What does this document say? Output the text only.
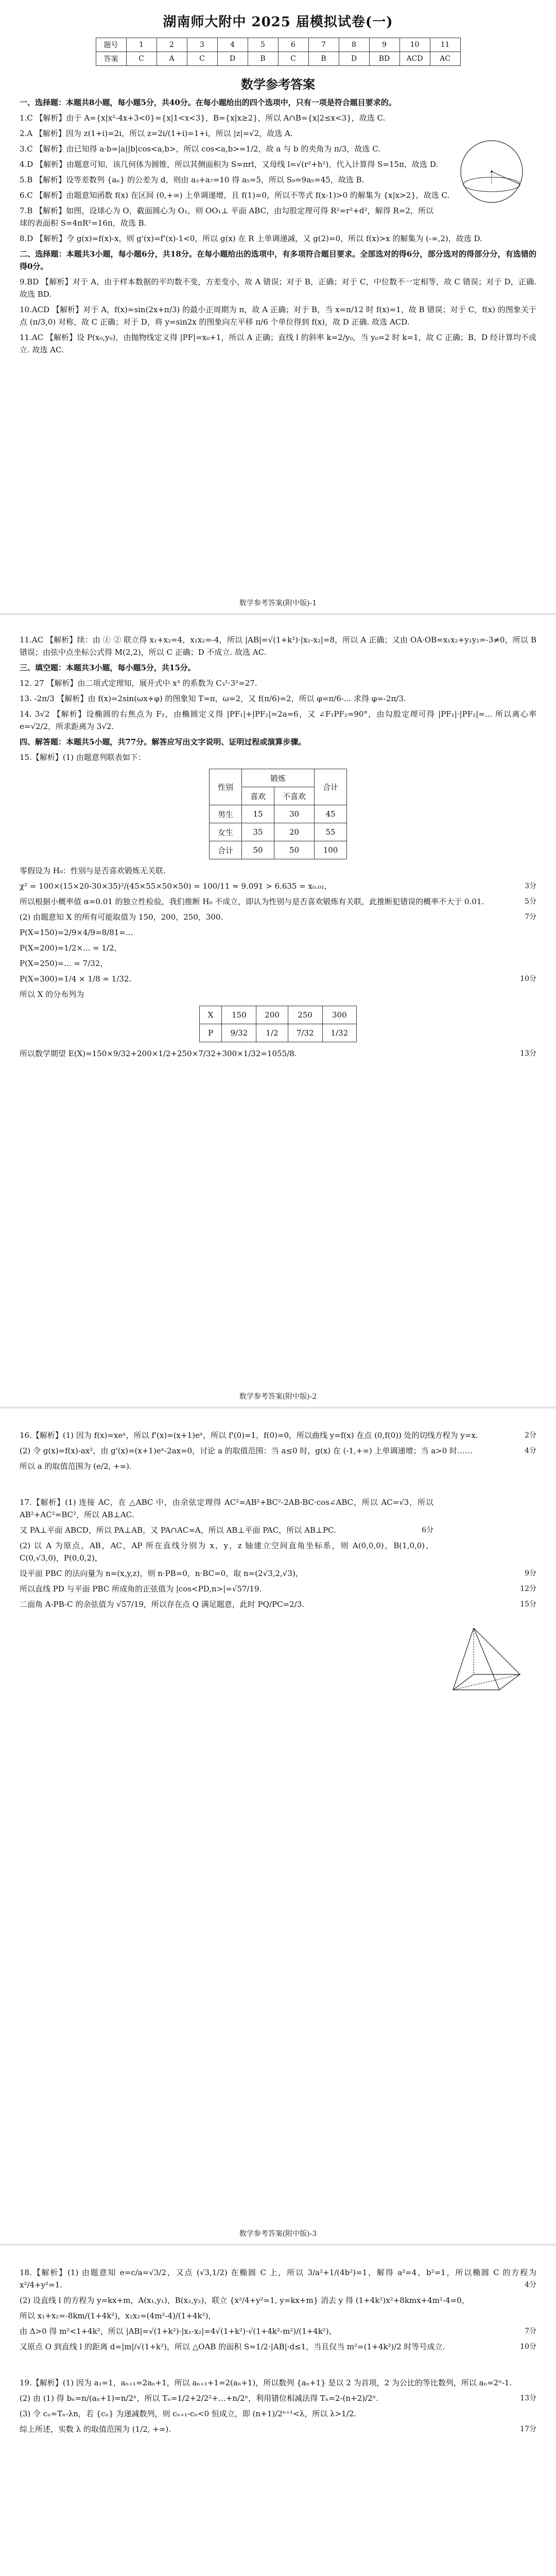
湖南师大附中 2025 届模拟试卷(一)
题号	1	2	3	4	5	6	7	8	9	10	11
答案	C	A	C	D	B	C	B	D	BD	ACD	AC
数学参考答案

一、选择题：本题共8小题，每小题5分，共40分。在每小题给出的四个选项中，只有一项是符合题目要求的。

1.C 【解析】由于 A={x|x²-4x+3<0}={x|1<x<3}，B={x|x≥2}，所以 A∩B={x|2≤x<3}，故选 C.

2.A 【解析】因为 z(1+i)=2i，所以 z=2i/(1+i)=1+i，所以 |z|=√2，故选 A.

3.C 【解析】由已知得 a·b=|a||b|cos<a,b>，所以 cos<a,b>=1/2，故 a 与 b 的夹角为 π/3，故选 C.

4.D 【解析】由题意可知，该几何体为圆锥，所以其侧面积为 S=πrl，又母线 l=√(r²+h²)，代入计算得 S=15π，故选 D.

5.B 【解析】设等差数列 {aₙ} 的公差为 d，则由 a₃+a₇=10 得 a₅=5，所以 S₉=9a₅=45，故选 B.

6.C 【解析】由题意知函数 f(x) 在区间 (0,+∞) 上单调递增，且 f(1)=0，所以不等式 f(x-1)>0 的解集为 {x|x>2}，故选 C.

7.B 【解析】如图，设球心为 O，截面圆心为 O₁，则 OO₁⊥ 平面 ABC，由勾股定理可得 R²=r²+d²，解得 R=2，所以球的表面积 S=4πR²=16π，故选 B.

8.D 【解析】令 g(x)=f(x)-x，则 g'(x)=f'(x)-1<0，所以 g(x) 在 R 上单调递减，又 g(2)=0，所以 f(x)>x 的解集为 (-∞,2)，故选 D.

二、选择题：本题共3小题，每小题6分，共18分。在每小题给出的选项中，有多项符合题目要求。全部选对的得6分，部分选对的得部分分，有选错的得0分。

9.BD 【解析】对于 A，由于样本数据的平均数不变，方差变小，故 A 错误；对于 B，正确；对于 C，中位数不一定相等，故 C 错误；对于 D，正确. 故选 BD.

10.ACD 【解析】对于 A，f(x)=sin(2x+π/3) 的最小正周期为 π，故 A 正确；对于 B，当 x=π/12 时 f(x)=1，故 B 错误；对于 C，f(x) 的图象关于点 (π/3,0) 对称，故 C 正确；对于 D，将 y=sin2x 的图象向左平移 π/6 个单位得到 f(x)，故 D 正确. 故选 ACD.

11.AC 【解析】设 P(x₀,y₀)，由抛物线定义得 |PF|=x₀+1，所以 A 正确；直线 l 的斜率 k=2/y₀，当 y₀=2 时 k=1，故 C 正确；B、D 经计算均不成立. 故选 AC.

数学参考答案(附中版)-1

11.AC 【解析】续：由 ① ② 联立得 x₁+x₂=4，x₁x₂=-4，所以 |AB|=√(1+k²)·|x₁-x₂|=8，所以 A 正确；又由 OA·OB=x₁x₂+y₁y₂=-3≠0，所以 B 错误；由弦中点坐标公式得 M(2,2)，所以 C 正确；D 不成立. 故选 AC.

三、填空题：本题共3小题，每小题5分，共15分。

12. 27 【解析】由二项式定理知，展开式中 x³ 的系数为 C₃¹·3²=27.

13. -2π/3 【解析】由 f(x)=2sin(ωx+φ) 的图象知 T=π，ω=2，又 f(π/6)=2，所以 φ=π/6-... 求得 φ=-2π/3.

14. 3√2 【解析】设椭圆的右焦点为 F₂，由椭圆定义得 |PF₁|+|PF₂|=2a=6，又 ∠F₁PF₂=90°，由勾股定理可得 |PF₁|·|PF₂|=... 所以离心率 e=√2/2，所求距离为 3√2.

四、解答题：本题共5小题，共77分。解答应写出文字说明、证明过程或演算步骤。

15.【解析】(1) 由题意列联表如下：

性别	锻炼		合计
	喜欢	不喜欢	
男生	15	30	45
女生	35	20	55
合计	50	50	100

零假设为 H₀：性别与是否喜欢锻炼无关联.

χ² = 100×(15×20-30×35)²/(45×55×50×50) = 100/11 ≈ 9.091 > 6.635 = x₀.₀₁，	3分

所以根据小概率值 α=0.01 的独立性检验，我们推断 H₀ 不成立，即认为性别与是否喜欢锻炼有关联，此推断犯错误的概率不大于 0.01.	5分

(2) 由题意知 X 的所有可能取值为 150，200，250，300.	7分

P(X=150)=2/9×4/9=8/81=...

P(X=200)=1/2×... = 1/2，

P(X=250)=... = 7/32，

P(X=300)=1/4 × 1/8 = 1/32.	10分

所以 X 的分布列为

X	150	200	250	300
P	9/32	1/2	7/32	1/32

所以数学期望 E(X)=150×9/32+200×1/2+250×7/32+300×1/32=1055/8.	13分

数学参考答案(附中版)-2

16.【解析】(1) 因为 f(x)=xeˣ，所以 f'(x)=(x+1)eˣ，所以 f'(0)=1，f(0)=0，所以曲线 y=f(x) 在点 (0,f(0)) 处的切线方程为 y=x.	2分

(2) 令 g(x)=f(x)-ax²，由 g'(x)=(x+1)eˣ-2ax=0，讨论 a 的取值范围：当 a≤0 时，g(x) 在 (-1,+∞) 上单调递增；当 a>0 时……	4分

所以 a 的取值范围为 (e/2, +∞).

17.【解析】(1) 连接 AC，在 △ABC 中，由余弦定理得 AC²=AB²+BC²-2AB·BC·cos∠ABC，所以 AC=√3，所以 AB²+AC²=BC²，所以 AB⊥AC.

又 PA⊥平面 ABCD，所以 PA⊥AB，又 PA∩AC=A，所以 AB⊥平面 PAC，所以 AB⊥PC.	6分

(2) 以 A 为原点，AB，AC，AP 所在直线分别为 x，y，z 轴建立空间直角坐标系，则 A(0,0,0)，B(1,0,0)，C(0,√3,0)，P(0,0,2)，

设平面 PBC 的法向量为 n=(x,y,z)，则 n·PB=0，n·BC=0，取 n=(2√3,2,√3)，	9分

所以直线 PD 与平面 PBC 所成角的正弦值为 |cos<PD,n>|=√57/19.	12分

二面角 A-PB-C 的余弦值为 √57/19，所以存在点 Q 满足题意，此时 PQ/PC=2/3.	15分

数学参考答案(附中版)-3

18.【解析】(1) 由题意知 e=c/a=√3/2，又点 (√3,1/2) 在椭圆 C 上，所以 3/a²+1/(4b²)=1，解得 a²=4，b²=1，所以椭圆 C 的方程为 x²/4+y²=1.	4分

(2) 设直线 l 的方程为 y=kx+m，A(x₁,y₁)，B(x₂,y₂)，联立 {x²/4+y²=1, y=kx+m} 消去 y 得 (1+4k²)x²+8kmx+4m²-4=0，

所以 x₁+x₂=-8km/(1+4k²)，x₁x₂=(4m²-4)/(1+4k²)，

由 Δ>0 得 m²<1+4k²，所以 |AB|=√(1+k²)·|x₁-x₂|=4√(1+k²)·√(1+4k²-m²)/(1+4k²)，	7分

又原点 O 到直线 l 的距离 d=|m|/√(1+k²)，所以 △OAB 的面积 S=1/2·|AB|·d≤1，当且仅当 m²=(1+4k²)/2 时等号成立.	10分

19.【解析】(1) 因为 a₁=1，aₙ₊₁=2aₙ+1，所以 aₙ₊₁+1=2(aₙ+1)，所以数列 {aₙ+1} 是以 2 为首项，2 为公比的等比数列，所以 aₙ=2ⁿ-1.

(2) 由 (1) 得 bₙ=n/(aₙ+1)=n/2ⁿ，所以 Tₙ=1/2+2/2²+…+n/2ⁿ，利用错位相减法得 Tₙ=2-(n+2)/2ⁿ.	13分

(3) 令 cₙ=Tₙ-λn，若 {cₙ} 为递减数列，则 cₙ₊₁-cₙ<0 恒成立，即 (n+1)/2ⁿ⁺¹<λ，所以 λ>1/2.

综上所述，实数 λ 的取值范围为 (1/2, +∞).	17分
